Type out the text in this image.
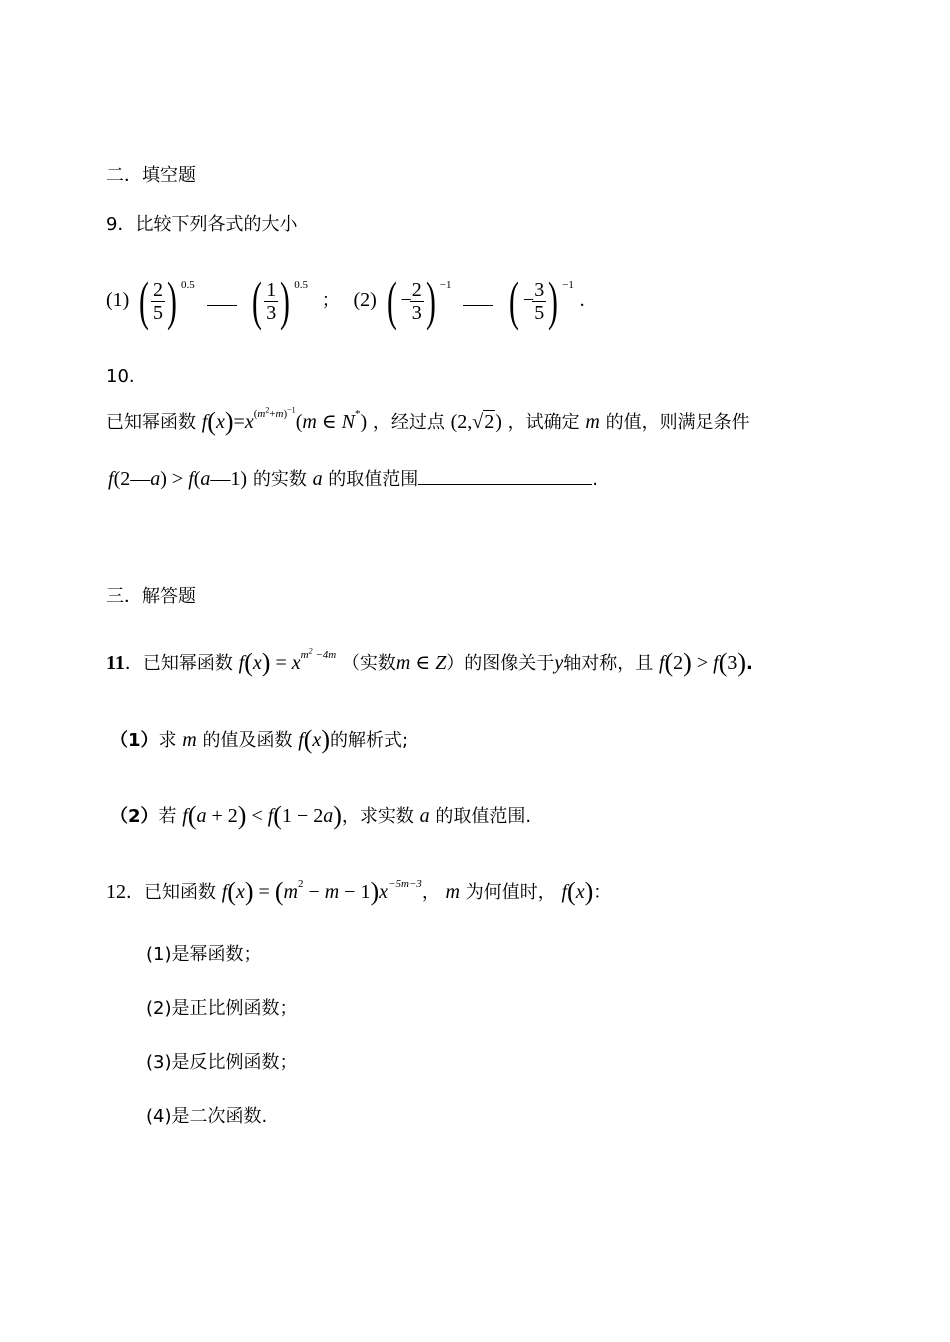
二．填空题
9．比较下列各式的大小
(1) ( $\frac{2}{5}$ ) $^{0.5}$ ( $\frac{1}{3}$ ) $^{0.5}$ ； (2) ( −
$\frac{2}{3}$ ) $^{-1}$ ( −
$\frac{3}{5}$ ) $^{-1}$ .
10.
已知幂函数 $f(x)=x^{(m^2+m)^{-1}}(m$ ∈ N*) ，经过点 (2,√2) ，试确定 m 的值，则满足条件
f(2—a) > f(a—1) 的实数 a 的取值范围	.
三．解答题
11．已知幂函数 $f(x) = x^{m^2 -4m}$ （实数m ∈ Z）的图像关于y轴对称，且 f(2) > f(3).
（1）求 m 的值及函数 f(x)的解析式;
（2）若 f(a + 2) < f(1 − 2a)，求实数 a 的取值范围.
12．已知函数 $f(x) = (m^2 - m - 1)x^{-5m-3}$， m 为何值时， f(x)：
(1)是幂函数；
(2)是正比例函数；
(3)是反比例函数；
(4)是二次函数.
